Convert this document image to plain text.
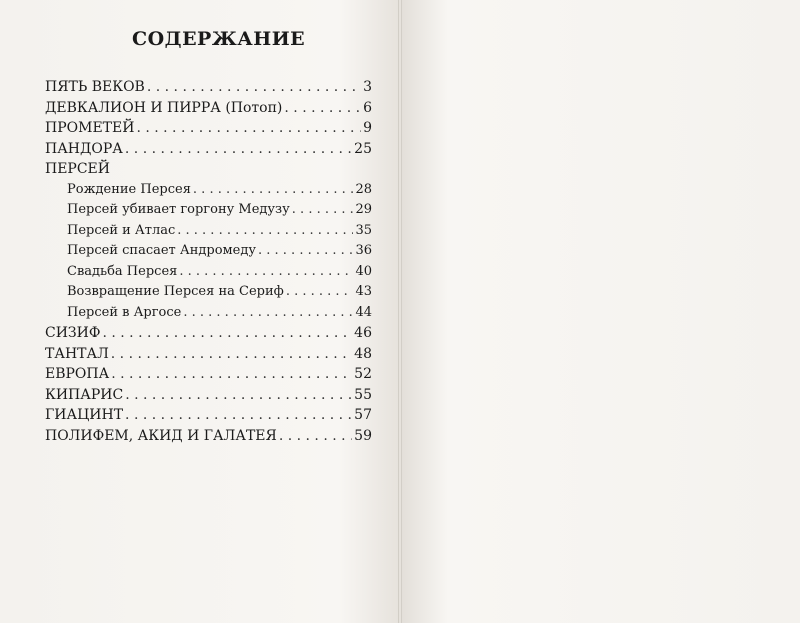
СОДЕРЖАНИЕ
ПЯТЬ ВЕКОВ . . .	3
ДЕВКАЛИОН И ПИРРА (Потоп) . . .	6
ПРОМЕТЕЙ . . .	9
ПАНДОРА . . .	25
ПЕРСЕЙ
Рождение Персея . . .	28
Персей убивает горгону Медузу . . .	29
Персей и Атлас . . .	35
Персей спасает Андромеду . . .	36
Свадьба Персея . . .	40
Возвращение Персея на Сериф . . .	43
Персей в Аргосе . . .	44
СИЗИФ . . .	46
ТАНТАЛ . . .	48
ЕВРОПА . . .	52
КИПАРИС . . .	55
ГИАЦИНТ . . .	57
ПОЛИФЕМ, АКИД И ГАЛАТЕЯ . . .	59
